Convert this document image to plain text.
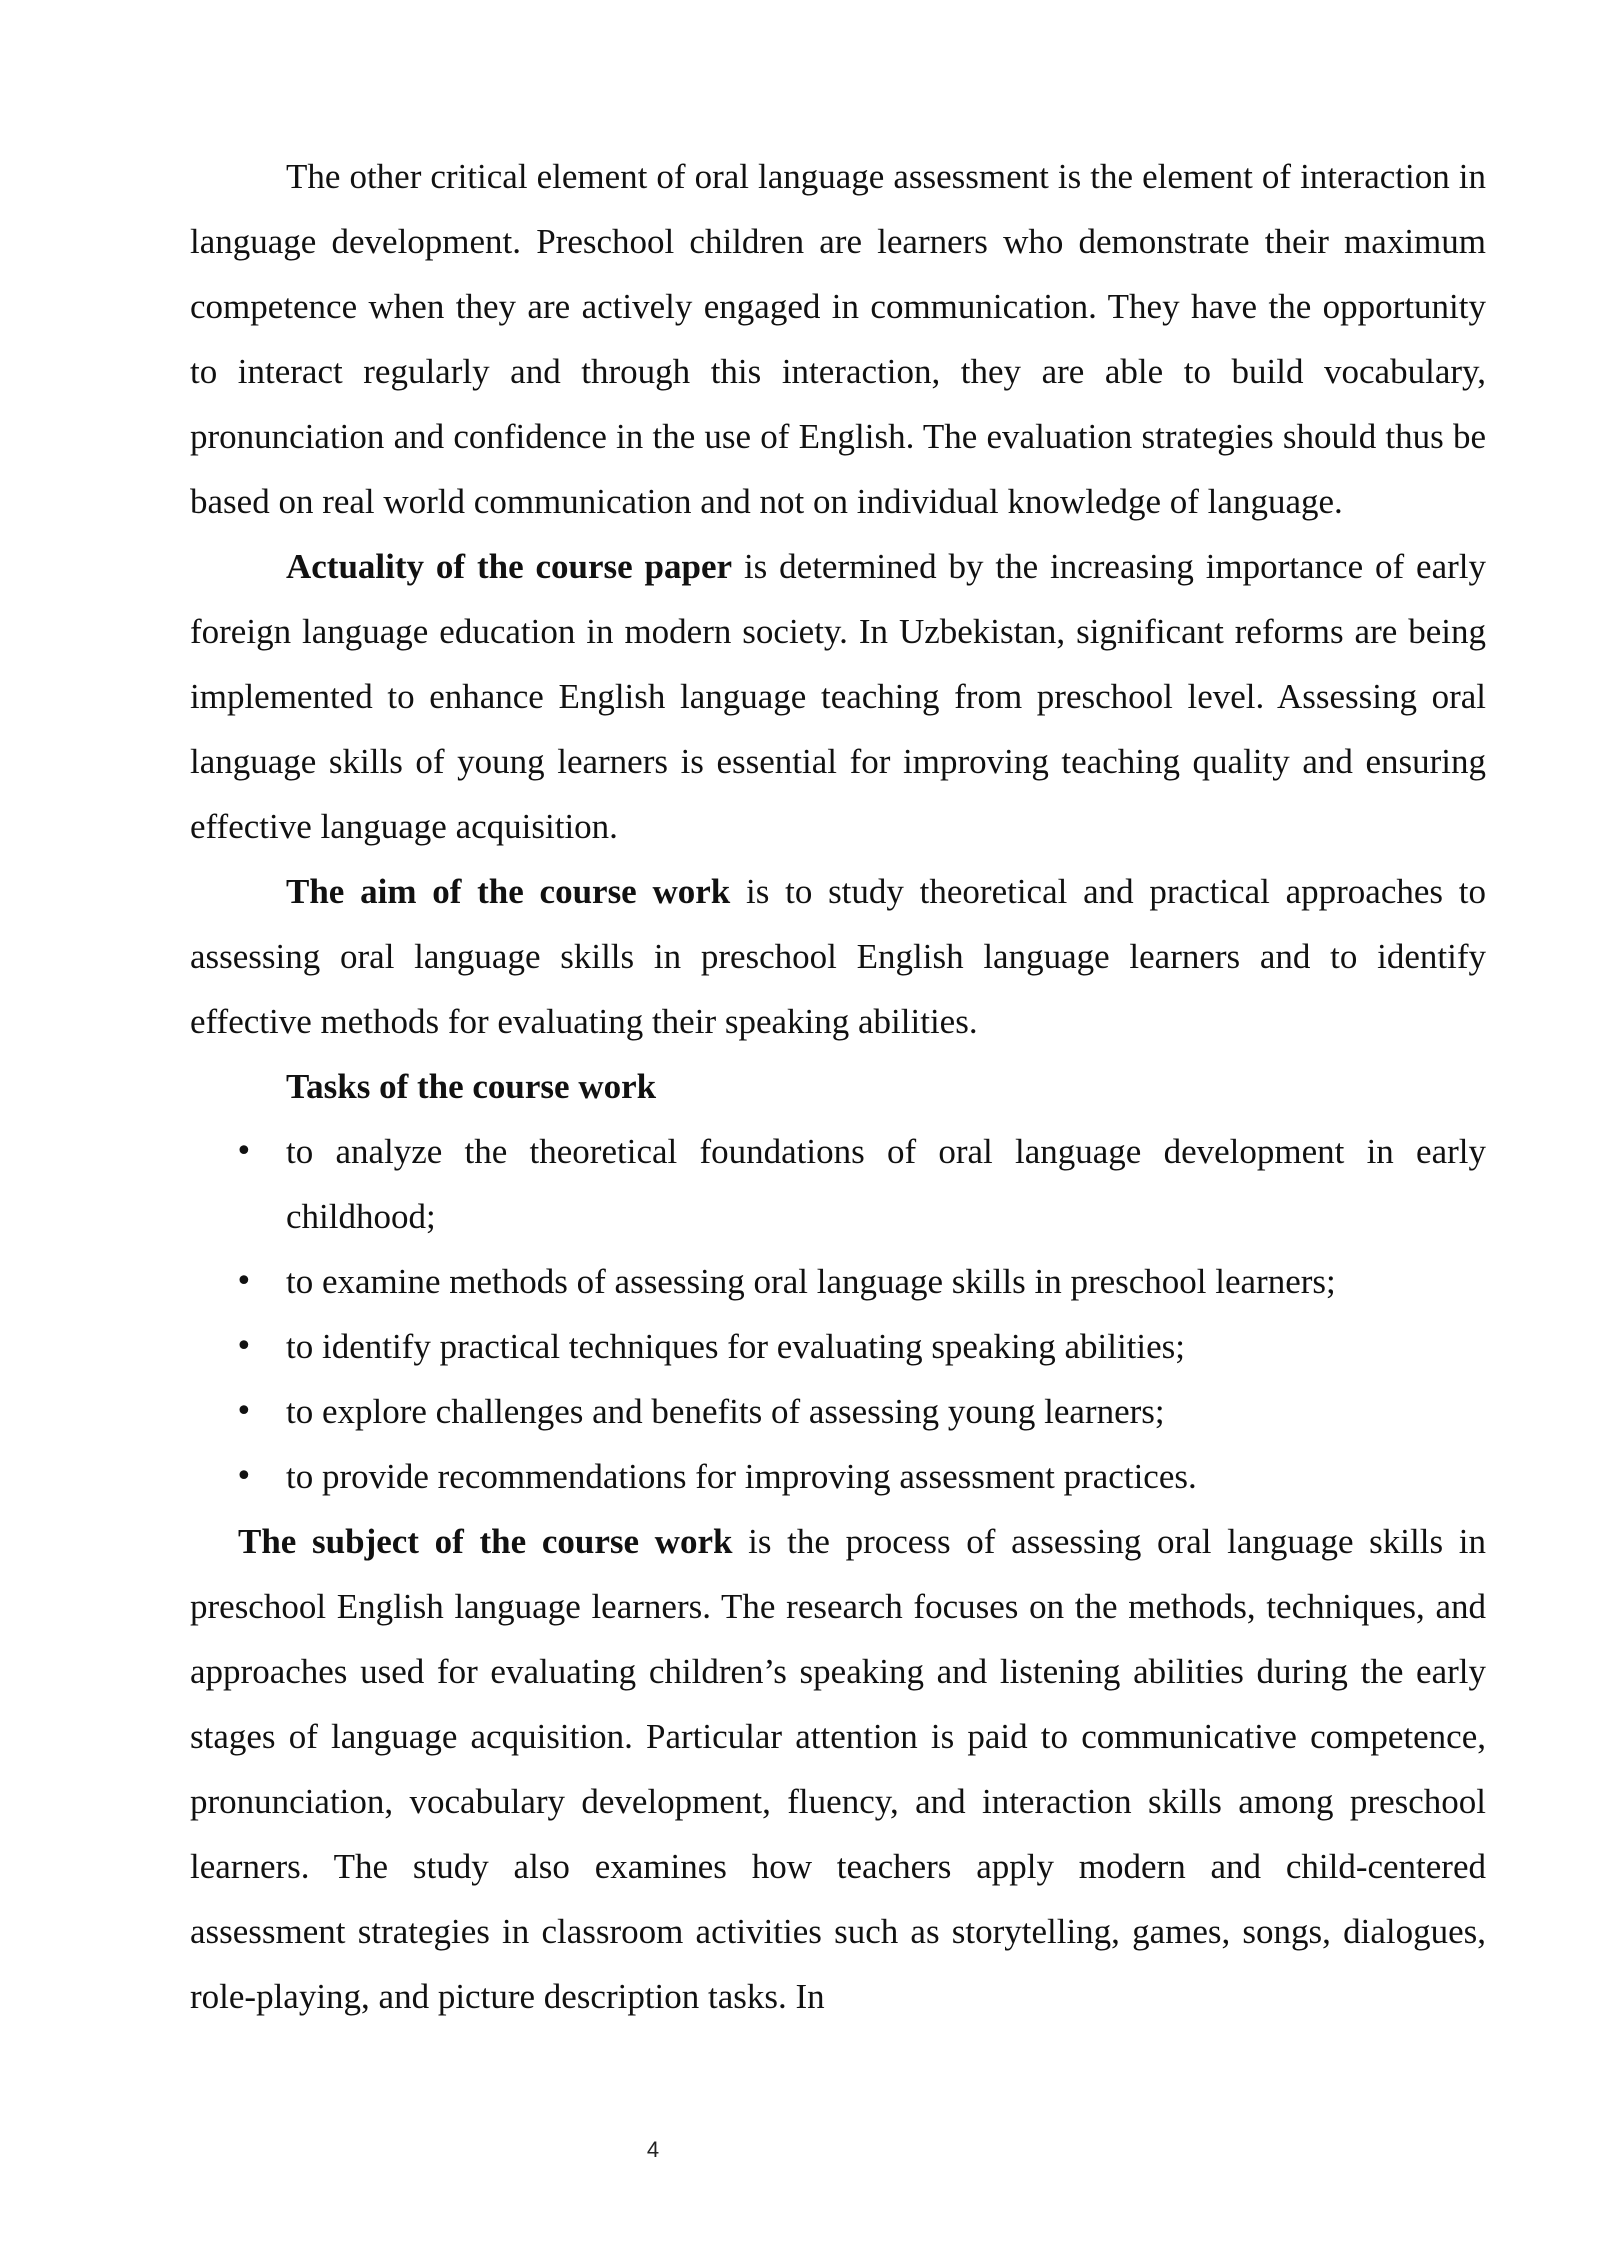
The other critical element of oral language assessment is the element of interaction in language development. Preschool children are learners who demonstrate their maximum competence when they are actively engaged in communication. They have the opportunity to interact regularly and through this interaction, they are able to build vocabulary, pronunciation and confidence in the use of English. The evaluation strategies should thus be based on real world communication and not on individual knowledge of language.

Actuality of the course paper is determined by the increasing importance of early foreign language education in modern society. In Uzbekistan, significant reforms are being implemented to enhance English language teaching from preschool level. Assessing oral language skills of young learners is essential for improving teaching quality and ensuring effective language acquisition.

The aim of the course work is to study theoretical and practical approaches to assessing oral language skills in preschool English language learners and to identify effective methods for evaluating their speaking abilities.

Tasks of the course work

• to analyze the theoretical foundations of oral language development in early childhood;
• to examine methods of assessing oral language skills in preschool learners;
• to identify practical techniques for evaluating speaking abilities;
• to explore challenges and benefits of assessing young learners;
• to provide recommendations for improving assessment practices.

The subject of the course work is the process of assessing oral language skills in preschool English language learners. The research focuses on the methods, techniques, and approaches used for evaluating children’s speaking and listening abilities during the early stages of language acquisition. Particular attention is paid to communicative competence, pronunciation, vocabulary development, fluency, and interaction skills among preschool learners. The study also examines how teachers apply modern and child-centered assessment strategies in classroom activities such as storytelling, games, songs, dialogues, role-playing, and picture description tasks. In

4
